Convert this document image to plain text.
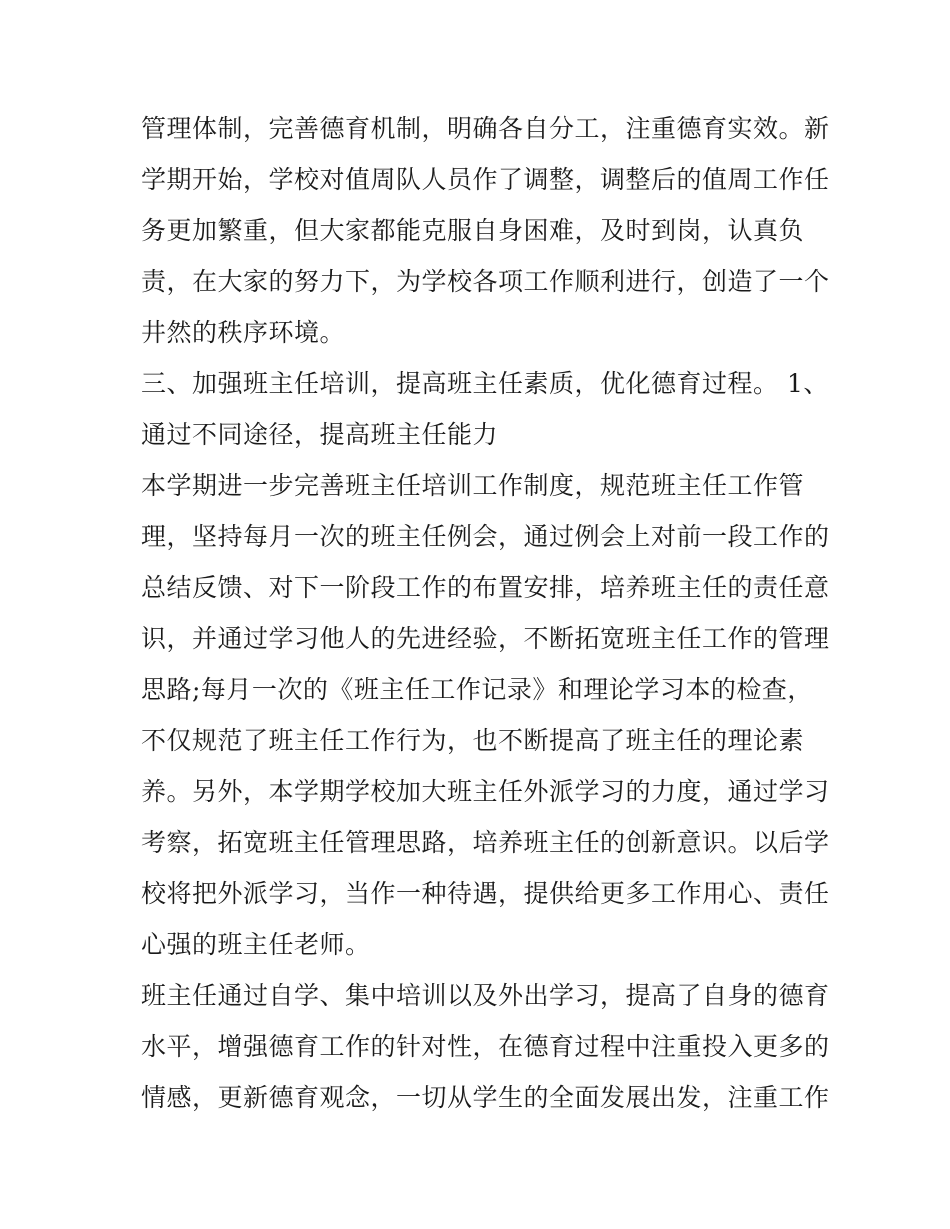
管理体制，完善德育机制，明确各自分工，注重德育实效。新
学期开始，学校对值周队人员作了调整，调整后的值周工作任
务更加繁重，但大家都能克服自身困难，及时到岗，认真负
责，在大家的努力下，为学校各项工作顺利进行，创造了一个
井然的秩序环境。
三、加强班主任培训，提高班主任素质，优化德育过程。 1、
通过不同途径，提高班主任能力
本学期进一步完善班主任培训工作制度，规范班主任工作管
理，坚持每月一次的班主任例会，通过例会上对前一段工作的
总结反馈、对下一阶段工作的布置安排，培养班主任的责任意
识，并通过学习他人的先进经验，不断拓宽班主任工作的管理
思路;每月一次的《班主任工作记录》和理论学习本的检查，
不仅规范了班主任工作行为，也不断提高了班主任的理论素
养。另外，本学期学校加大班主任外派学习的力度，通过学习
考察，拓宽班主任管理思路，培养班主任的创新意识。以后学
校将把外派学习，当作一种待遇，提供给更多工作用心、责任
心强的班主任老师。
班主任通过自学、集中培训以及外出学习，提高了自身的德育
水平，增强德育工作的针对性，在德育过程中注重投入更多的
情感，更新德育观念，一切从学生的全面发展出发，注重工作
